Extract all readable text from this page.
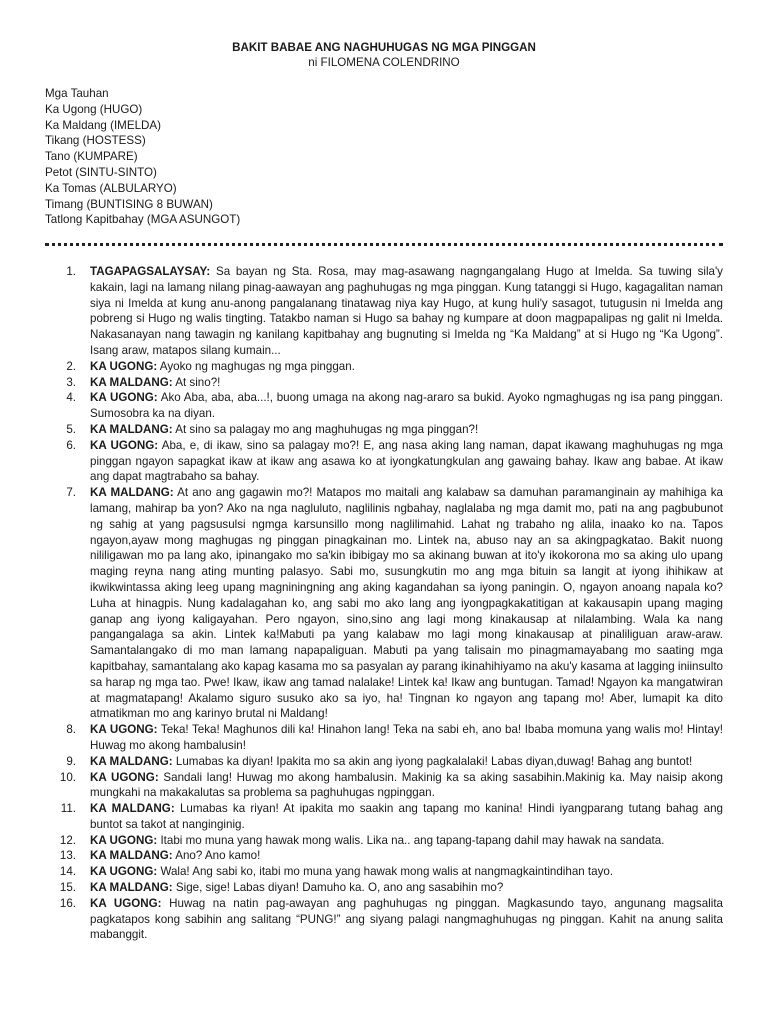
BAKIT BABAE ANG NAGHUHUGAS NG MGA PINGGAN
ni FILOMENA COLENDRINO
Mga Tauhan
Ka Ugong (HUGO)
Ka Maldang (IMELDA)
Tikang (HOSTESS)
Tano (KUMPARE)
Petot (SINTU-SINTO)
Ka Tomas (ALBULARYO)
Timang (BUNTISING 8 BUWAN)
Tatlong Kapitbahay (MGA ASUNGOT)
1. TAGAPAGSALAYSAY: Sa bayan ng Sta. Rosa, may mag-asawang nagngangalang Hugo at Imelda. Sa tuwing sila'y kakain, lagi na lamang nilang pinag-aawayan ang paghuhugas ng mga pinggan. Kung tatanggi si Hugo, kagagalitan naman siya ni Imelda at kung anu-anong pangalanang tinatawag niya kay Hugo, at kung huli'y sasagot, tutugusin ni Imelda ang pobreng si Hugo ng walis tingting. Tatakbo naman si Hugo sa bahay ng kumpare at doon magpapalipas ng galit ni Imelda. Nakasanayan nang tawagin ng kanilang kapitbahay ang bugnuting si Imelda ng “Ka Maldang” at si Hugo ng “Ka Ugong”. Isang araw, matapos silang kumain...
2. KA UGONG: Ayoko ng maghugas ng mga pinggan.
3. KA MALDANG: At sino?!
4. KA UGONG: Ako Aba, aba, aba...!, buong umaga na akong nag-araro sa bukid. Ayoko ngmaghugas ng isa pang pinggan. Sumosobra ka na diyan.
5. KA MALDANG: At sino sa palagay mo ang maghuhugas ng mga pinggan?!
6. KA UGONG: Aba, e, di ikaw, sino sa palagay mo?! E, ang nasa aking lang naman, dapat ikawang maghuhugas ng mga pinggan ngayon sapagkat ikaw at ikaw ang asawa ko at iyongkatungkulan ang gawaing bahay. Ikaw ang babae. At ikaw ang dapat magtrabaho sa bahay.
7. KA MALDANG: At ano ang gagawin mo?! Matapos mo maitali ang kalabaw sa damuhan paramanginain ay mahihiga ka lamang, mahirap ba yon? Ako na nga nagluluto, naglilinis ngbahay, naglalaba ng mga damit mo, pati na ang pagbubunot ng sahig at yang pagsusulsi ngmga karsunsillo mong naglilimahid. Lahat ng trabaho ng alila, inaako ko na. Tapos ngayon,ayaw mong maghugas ng pinggan pinagkainan mo. Lintek na, abuso nay an sa akingpagkatao. Bakit nuong nililigawan mo pa lang ako, ipinangako mo sa'kin ibibigay mo sa akinang buwan at ito'y ikokorona mo sa aking ulo upang maging reyna nang ating munting palasyo. Sabi mo, susungkutin mo ang mga bituin sa langit at iyong ihihikaw at ikwikwintassa aking leeg upang magniningning ang aking kagandahan sa iyong paningin. O, ngayon anoang napala ko? Luha at hinagpis. Nung kadalagahan ko, ang sabi mo ako lang ang iyongpagkakatitigan at kakausapin upang maging ganap ang iyong kaligayahan. Pero ngayon, sino,sino ang lagi mong kinakausap at nilalambing. Wala ka nang pangangalaga sa akin. Lintek ka!Mabuti pa yang kalabaw mo lagi mong kinakausap at pinaliliguan araw-araw. Samantalangako di mo man lamang napapaliguan. Mabuti pa yang talisain mo pinagmamayabang mo saating mga kapitbahay, samantalang ako kapag kasama mo sa pasyalan ay parang ikinahihiyamo na aku'y kasama at lagging iniinsulto sa harap ng mga tao. Pwe! Ikaw, ikaw ang tamad nalalake! Lintek ka! Ikaw ang buntugan. Tamad! Ngayon ka mangatwiran at magmatapang! Akalamo siguro susuko ako sa iyo, ha! Tingnan ko ngayon ang tapang mo! Aber, lumapit ka dito atmatikman mo ang karinyo brutal ni Maldang!
8. KA UGONG: Teka! Teka! Maghunos dili ka! Hinahon lang! Teka na sabi eh, ano ba! Ibaba momuna yang walis mo! Hintay! Huwag mo akong hambalusin!
9. KA MALDANG: Lumabas ka diyan! Ipakita mo sa akin ang iyong pagkalalaki! Labas diyan,duwag! Bahag ang buntot!
10. KA UGONG: Sandali lang! Huwag mo akong hambalusin. Makinig ka sa aking sasabihin.Makinig ka. May naisip akong mungkahi na makakalutas sa problema sa paghuhugas ngpinggan.
11. KA MALDANG: Lumabas ka riyan! At ipakita mo saakin ang tapang mo kanina! Hindi iyangparang tutang bahag ang buntot sa takot at nanginginig.
12. KA UGONG: Itabi mo muna yang hawak mong walis. Lika na.. ang tapang-tapang dahil may hawak na sandata.
13. KA MALDANG: Ano? Ano kamo!
14. KA UGONG: Wala! Ang sabi ko, itabi mo muna yang hawak mong walis at nangmagkaintindihan tayo.
15. KA MALDANG: Sige, sige! Labas diyan! Damuho ka. O, ano ang sasabihin mo?
16. KA UGONG: Huwag na natin pag-awayan ang paghuhugas ng pinggan. Magkasundo tayo, angunang magsalita pagkatapos kong sabihin ang salitang “PUNG!” ang siyang palagi nangmaghuhugas ng pinggan. Kahit na anung salita mabanggit.
